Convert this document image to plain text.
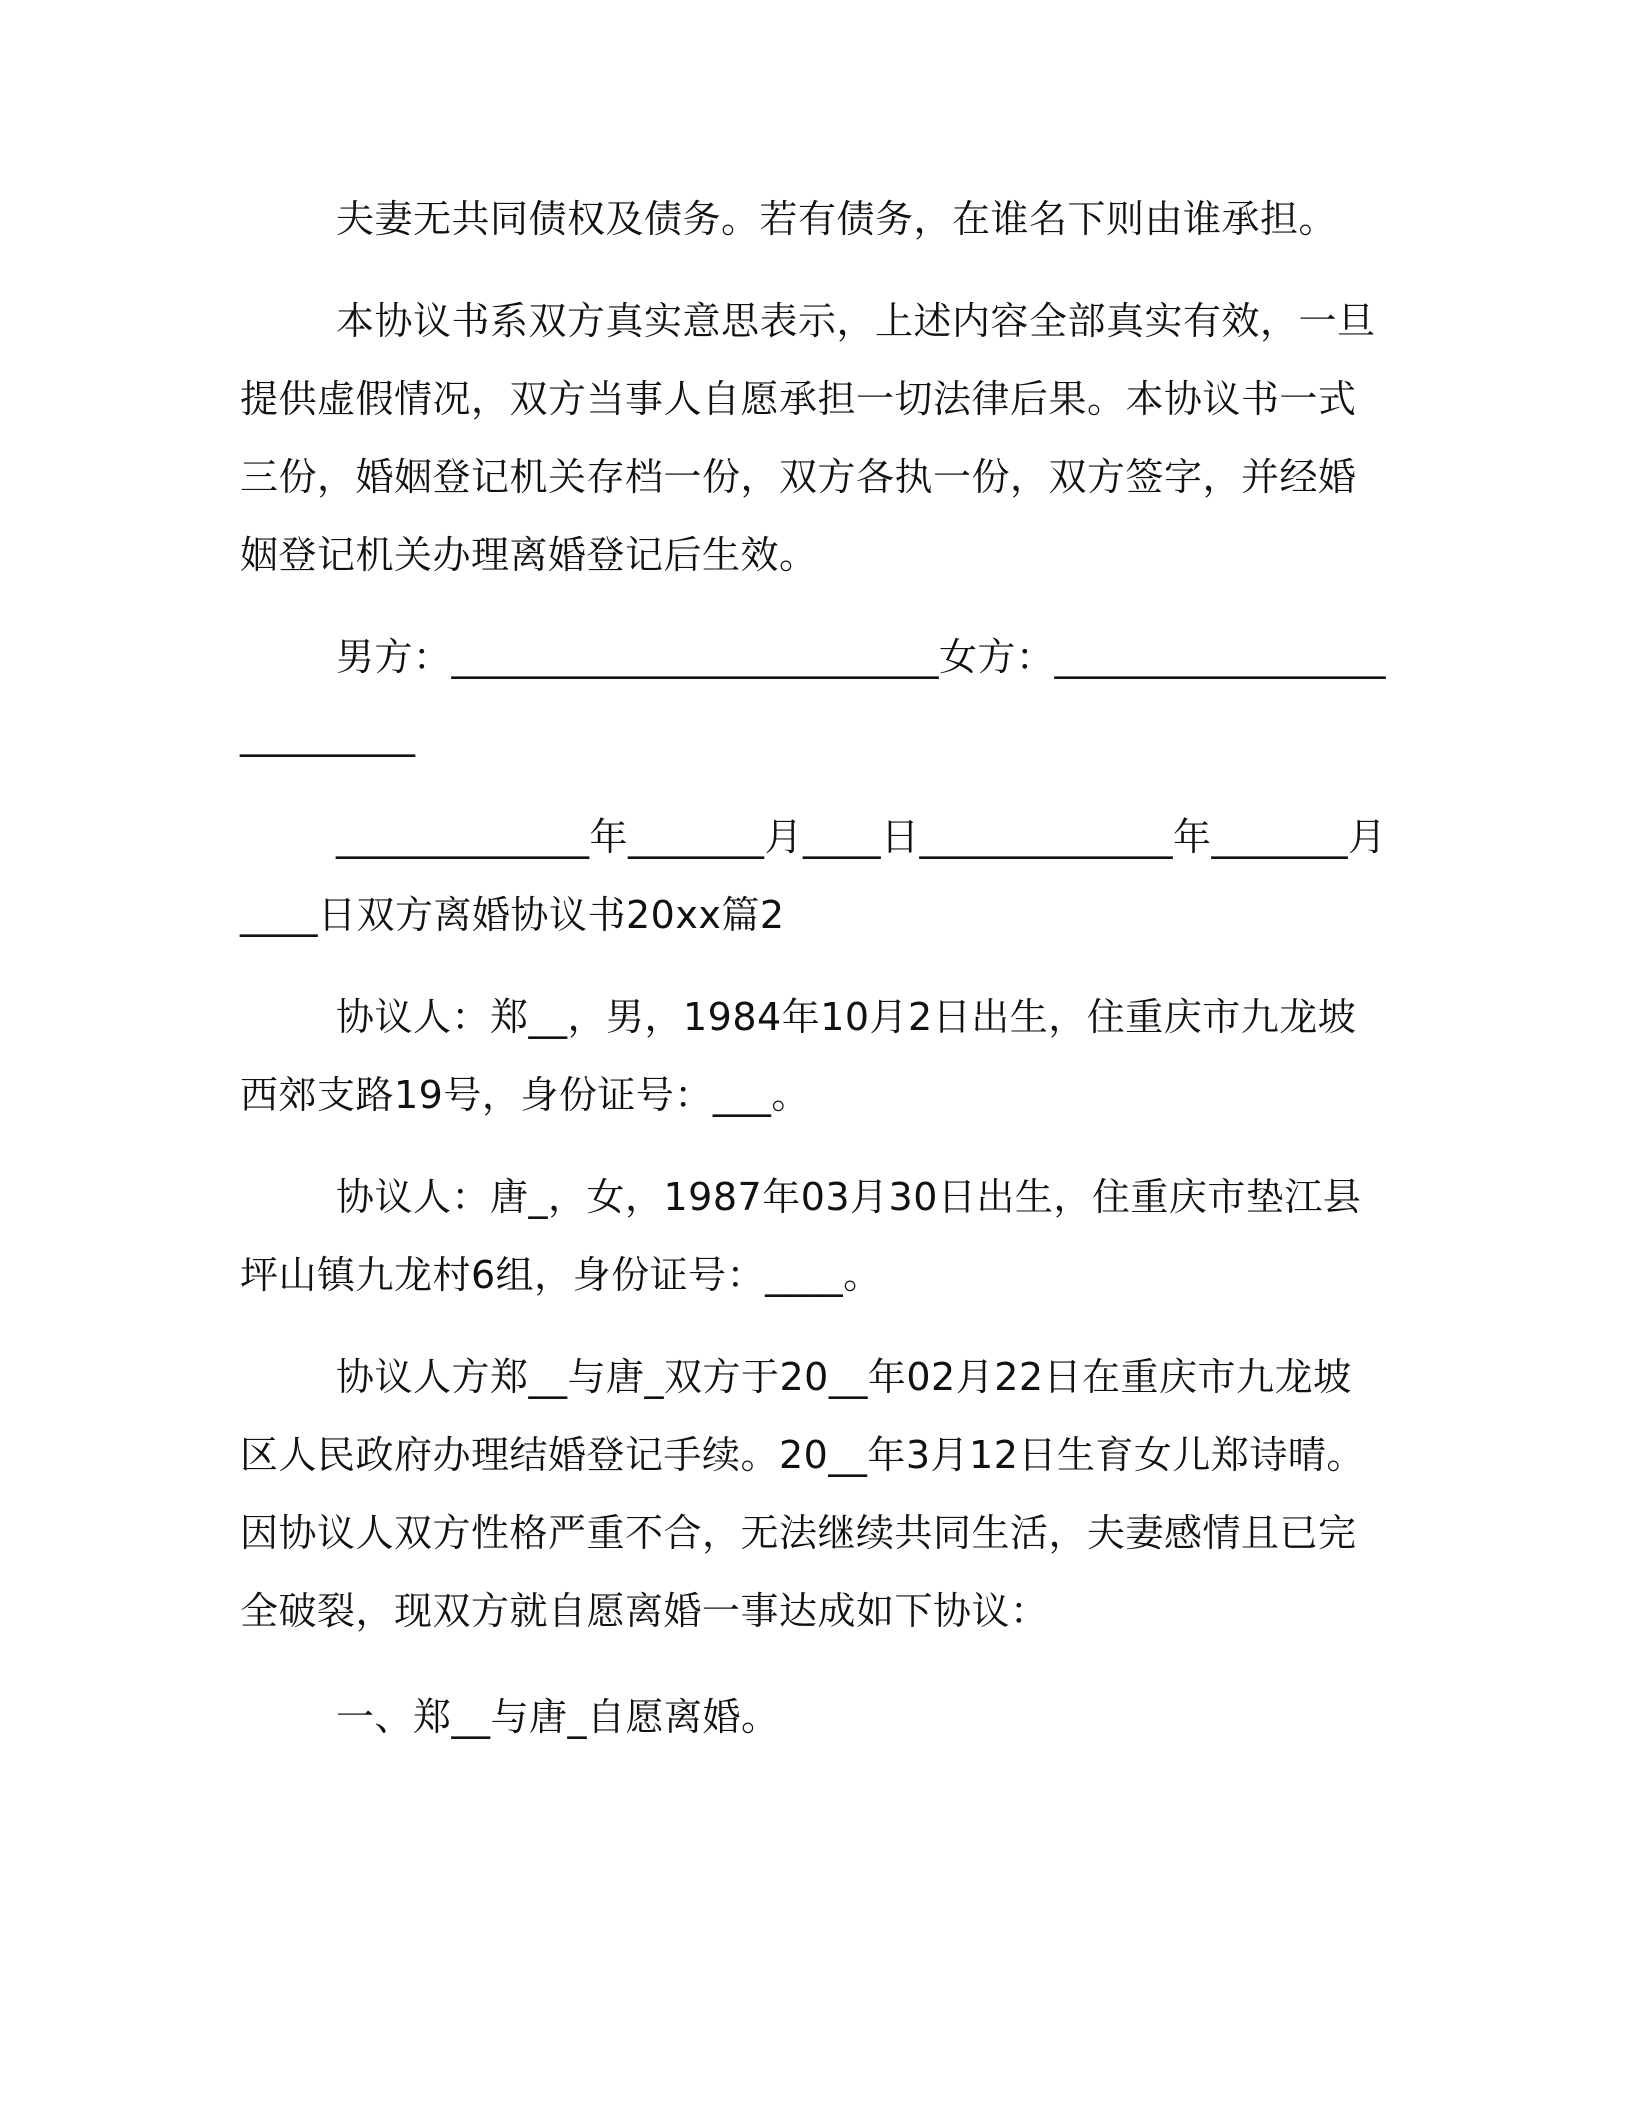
夫妻无共同债权及债务。若有债务，在谁名下则由谁承担。

本协议书系双方真实意思表示，上述内容全部真实有效，一旦提供虚假情况，双方当事人自愿承担一切法律后果。本协议书一式三份，婚姻登记机关存档一份，双方各执一份，双方签字，并经婚姻登记机关办理离婚登记后生效。

男方：_________________________女方：__________________________

_____________年_______月____日_____________年_______月____日双方离婚协议书20xx篇2

协议人：郑__，男，1984年10月2日出生，住重庆市九龙坡西郊支路19号，身份证号：___。

协议人：唐_，女，1987年03月30日出生，住重庆市垫江县坪山镇九龙村6组，身份证号：____。

协议人方郑__与唐_双方于20__年02月22日在重庆市九龙坡区人民政府办理结婚登记手续。20__年3月12日生育女儿郑诗晴。因协议人双方性格严重不合，无法继续共同生活，夫妻感情且已完全破裂，现双方就自愿离婚一事达成如下协议：

一、郑__与唐_自愿离婚。
